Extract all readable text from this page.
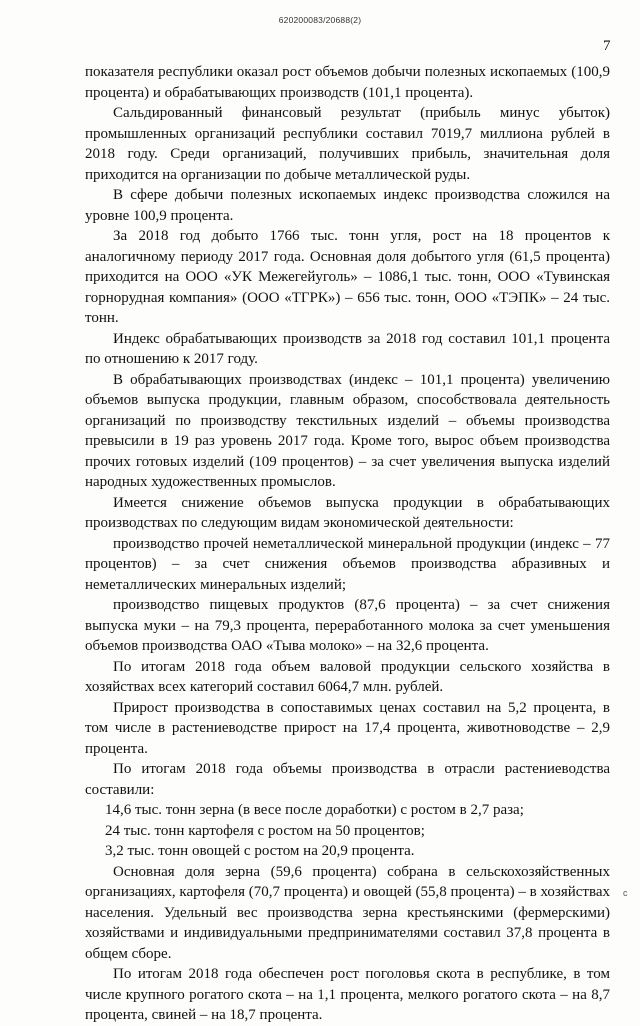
620200083/20688(2)
7

показателя республики оказал рост объемов добычи полезных ископаемых (100,9 процента) и обрабатывающих производств (101,1 процента).

Сальдированный финансовый результат (прибыль минус убыток) промышленных организаций республики составил 7019,7 миллиона рублей в 2018 году. Среди организаций, получивших прибыль, значительная доля приходится на организации по добыче металлической руды.

В сфере добычи полезных ископаемых индекс производства сложился на уровне 100,9 процента.

За 2018 год добыто 1766 тыс. тонн угля, рост на 18 процентов к аналогичному периоду 2017 года. Основная доля добытого угля (61,5 процента) приходится на ООО «УК Межегейуголь» – 1086,1 тыс. тонн, ООО «Тувинская горнорудная компания» (ООО «ТГРК») – 656 тыс. тонн, ООО «ТЭПК» – 24 тыс. тонн.

Индекс обрабатывающих производств за 2018 год составил 101,1 процента по отношению к 2017 году.

В обрабатывающих производствах (индекс – 101,1 процента) увеличению объемов выпуска продукции, главным образом, способствовала деятельность организаций по производству текстильных изделий – объемы производства превысили в 19 раз уровень 2017 года. Кроме того, вырос объем производства прочих готовых изделий (109 процентов) – за счет увеличения выпуска изделий народных художественных промыслов.

Имеется снижение объемов выпуска продукции в обрабатывающих производствах по следующим видам экономической деятельности:

производство прочей неметаллической минеральной продукции (индекс – 77 процентов) – за счет снижения объемов производства абразивных и неметаллических минеральных изделий;

производство пищевых продуктов (87,6 процента) – за счет снижения выпуска муки – на 79,3 процента, переработанного молока за счет уменьшения объемов производства ОАО «Тыва молоко» – на 32,6 процента.

По итогам 2018 года объем валовой продукции сельского хозяйства в хозяйствах всех категорий составил 6064,7 млн. рублей.

Прирост производства в сопоставимых ценах составил на 5,2 процента, в том числе в растениеводстве прирост на 17,4 процента, животноводстве – 2,9 процента.

По итогам 2018 года объемы производства в отрасли растениеводства составили:

14,6 тыс. тонн зерна (в весе после доработки) с ростом в 2,7 раза;

24 тыс. тонн картофеля с ростом на 50 процентов;

3,2 тыс. тонн овощей с ростом на 20,9 процента.

Основная доля зерна (59,6 процента) собрана в сельскохозяйственных организациях, картофеля (70,7 процента) и овощей (55,8 процента) – в хозяйствах населения. Удельный вес производства зерна крестьянскими (фермерскими) хозяйствами и индивидуальными предпринимателями составил 37,8 процента в общем сборе.

По итогам 2018 года обеспечен рост поголовья скота в республике, в том числе крупного рогатого скота – на 1,1 процента, мелкого рогатого скота – на 8,7 процента, свиней – на 18,7 процента.

с
